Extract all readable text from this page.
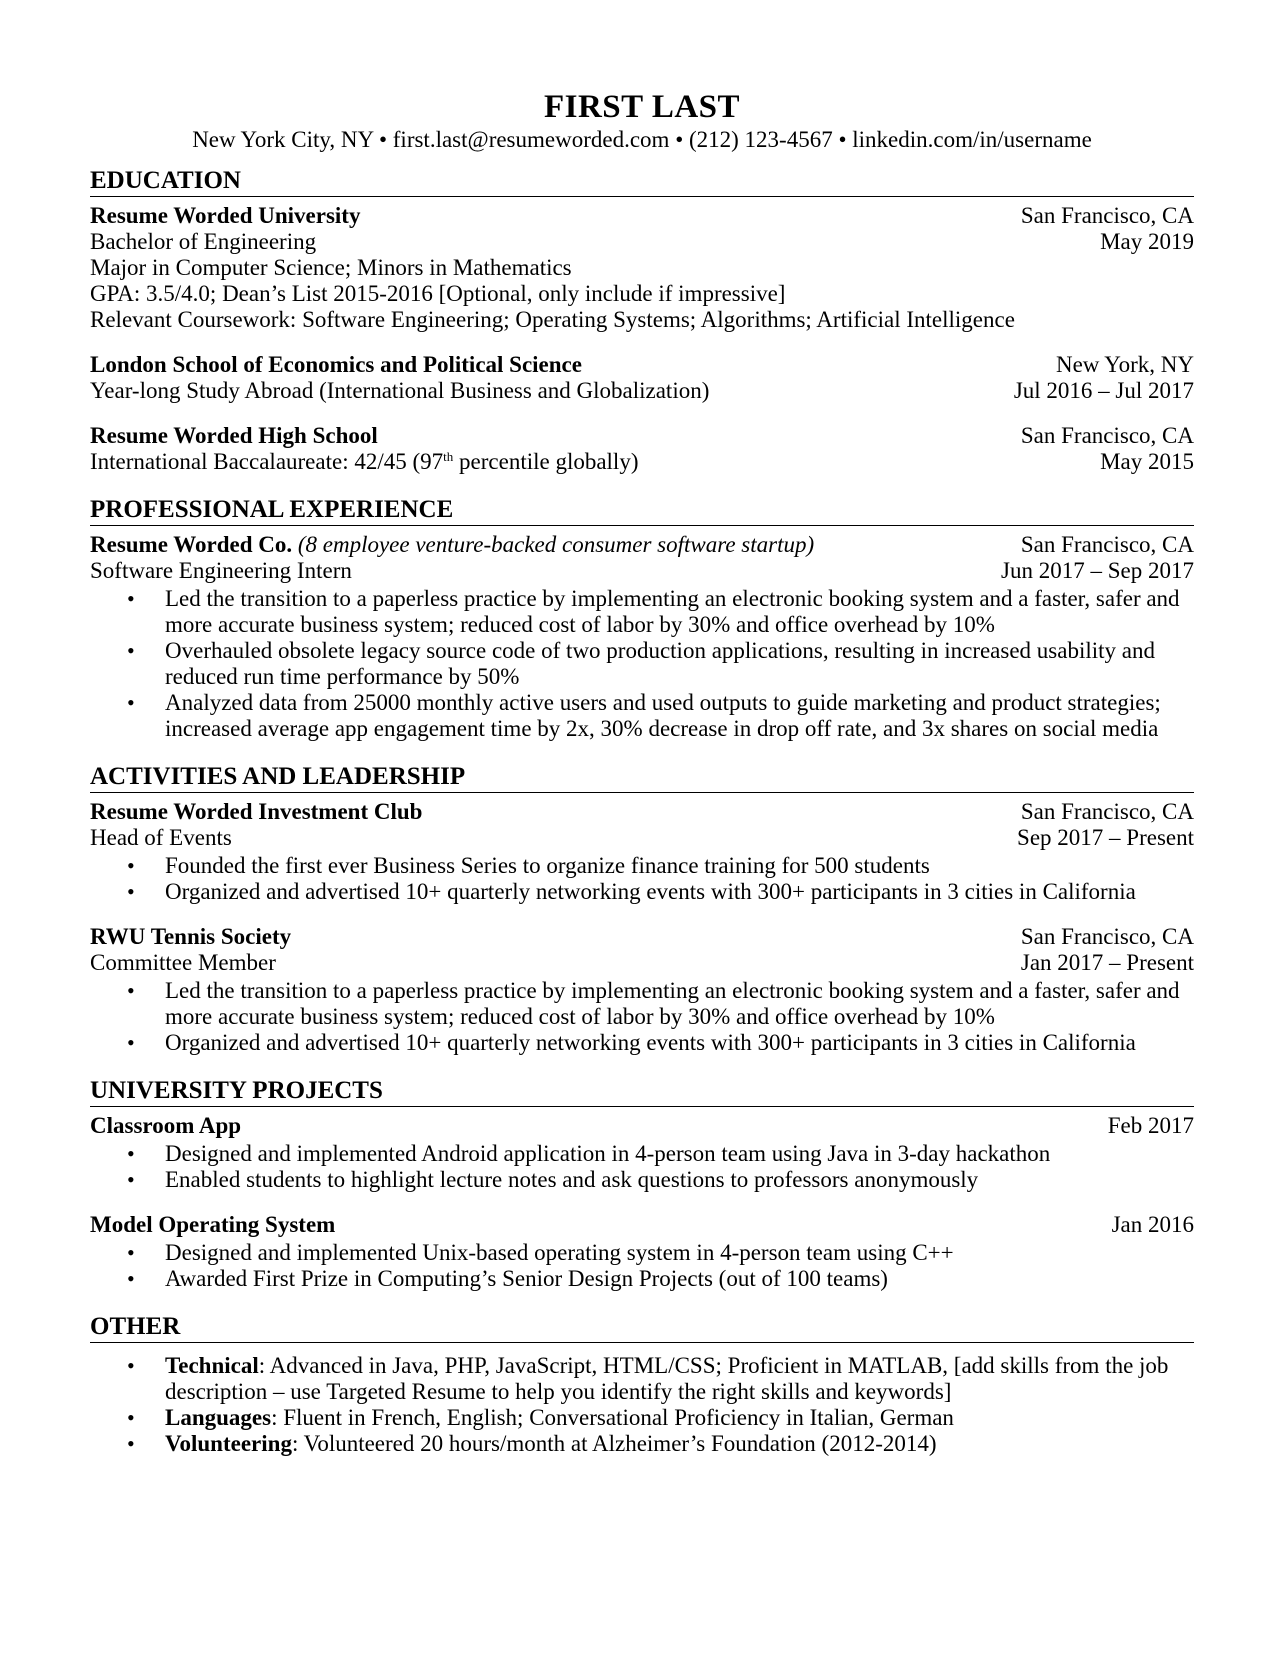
FIRST LAST
New York City, NY • first.last@resumeworded.com • (212) 123-4567 • linkedin.com/in/username
EDUCATION
Resume Worded University	San Francisco, CA
Bachelor of Engineering	May 2019
Major in Computer Science; Minors in Mathematics
GPA: 3.5/4.0; Dean’s List 2015-2016 [Optional, only include if impressive]
Relevant Coursework: Software Engineering; Operating Systems; Algorithms; Artificial Intelligence
London School of Economics and Political Science	New York, NY
Year-long Study Abroad (International Business and Globalization)	Jul 2016 – Jul 2017
Resume Worded High School	San Francisco, CA
International Baccalaureate: 42/45 (97th percentile globally)	May 2015
PROFESSIONAL EXPERIENCE
Resume Worded Co. (8 employee venture-backed consumer software startup)	San Francisco, CA
Software Engineering Intern	Jun 2017 – Sep 2017
• Led the transition to a paperless practice by implementing an electronic booking system and a faster, safer and more accurate business system; reduced cost of labor by 30% and office overhead by 10%
• Overhauled obsolete legacy source code of two production applications, resulting in increased usability and reduced run time performance by 50%
• Analyzed data from 25000 monthly active users and used outputs to guide marketing and product strategies; increased average app engagement time by 2x, 30% decrease in drop off rate, and 3x shares on social media
ACTIVITIES AND LEADERSHIP
Resume Worded Investment Club	San Francisco, CA
Head of Events	Sep 2017 – Present
• Founded the first ever Business Series to organize finance training for 500 students
• Organized and advertised 10+ quarterly networking events with 300+ participants in 3 cities in California
RWU Tennis Society	San Francisco, CA
Committee Member	Jan 2017 – Present
• Led the transition to a paperless practice by implementing an electronic booking system and a faster, safer and more accurate business system; reduced cost of labor by 30% and office overhead by 10%
• Organized and advertised 10+ quarterly networking events with 300+ participants in 3 cities in California
UNIVERSITY PROJECTS
Classroom App	Feb 2017
• Designed and implemented Android application in 4-person team using Java in 3-day hackathon
• Enabled students to highlight lecture notes and ask questions to professors anonymously
Model Operating System	Jan 2016
• Designed and implemented Unix-based operating system in 4-person team using C++
• Awarded First Prize in Computing’s Senior Design Projects (out of 100 teams)
OTHER
• Technical: Advanced in Java, PHP, JavaScript, HTML/CSS; Proficient in MATLAB, [add skills from the job description – use Targeted Resume to help you identify the right skills and keywords]
• Languages: Fluent in French, English; Conversational Proficiency in Italian, German
• Volunteering: Volunteered 20 hours/month at Alzheimer’s Foundation (2012-2014)
